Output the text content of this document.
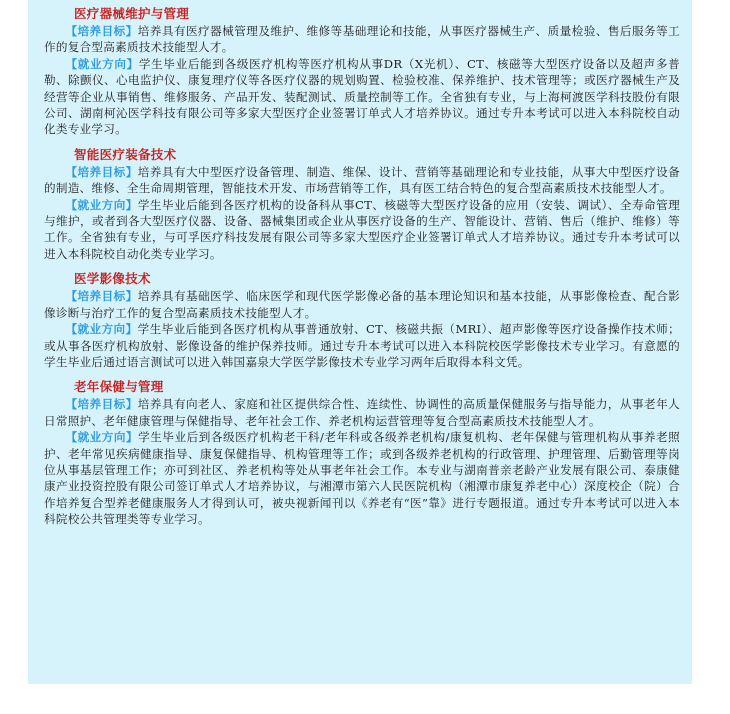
医疗器械维护与管理

【培养目标】培养具有医疗器械管理及维护、维修等基础理论和技能，从事医疗器械生产、质量检验、售后服务等工作的复合型高素质技术技能型人才。

【就业方向】学生毕业后能到各级医疗机构等医疗机构从事DR（X光机）、CT、核磁等大型医疗设备以及超声多普勒、除颤仪、心电监护仪、康复理疗仪等各医疗仪器的规划购置、检验校准、保养维护、技术管理等；或医疗器械生产及经营等企业从事销售、维修服务、产品开发、装配测试、质量控制等工作。全省独有专业，与上海柯渡医学科技股份有限公司、湖南柯沁医学科技有限公司等多家大型医疗企业签署订单式人才培养协议。通过专升本考试可以进入本科院校自动化类专业学习。

智能医疗装备技术

【培养目标】培养具有大中型医疗设备管理、制造、维保、设计、营销等基础理论和专业技能，从事大中型医疗设备的制造、维修、全生命周期管理，智能技术开发、市场营销等工作，具有医工结合特色的复合型高素质技术技能型人才。

【就业方向】学生毕业后能到各医疗机构的设备科从事CT、核磁等大型医疗设备的应用（安装、调试）、全寿命管理与维护，或者到各大型医疗仪器、设备、器械集团或企业从事医疗设备的生产、智能设计、营销、售后（维护、维修）等工作。全省独有专业，与可孚医疗科技发展有限公司等多家大型医疗企业签署订单式人才培养协议。通过专升本考试可以进入本科院校自动化类专业学习。

医学影像技术

【培养目标】培养具有基础医学、临床医学和现代医学影像必备的基本理论知识和基本技能，从事影像检查、配合影像诊断与治疗工作的复合型高素质技术技能型人才。

【就业方向】学生毕业后能到各医疗机构从事普通放射、CT、核磁共振（MRI）、超声影像等医疗设备操作技术师；或从事各医疗机构放射、影像设备的维护保养技师。通过专升本考试可以进入本科院校医学影像技术专业学习。有意愿的学生毕业后通过语言测试可以进入韩国嘉泉大学医学影像技术专业学习两年后取得本科文凭。

老年保健与管理

【培养目标】培养具有向老人、家庭和社区提供综合性、连续性、协调性的高质量保健服务与指导能力，从事老年人日常照护、老年健康管理与保健指导、老年社会工作、养老机构运营管理等复合型高素质技术技能型人才。

【就业方向】学生毕业后到各级医疗机构老干科/老年科或各级养老机构/康复机构、老年保健与管理机构从事养老照护、老年常见疾病健康指导、康复保健指导、机构管理等工作；或到各级养老机构的行政管理、护理管理、后勤管理等岗位从事基层管理工作；亦可到社区、养老机构等处从事老年社会工作。本专业与湖南普亲老龄产业发展有限公司、泰康健康产业投资控股有限公司签订单式人才培养协议，与湘潭市第六人民医院机构（湘潭市康复养老中心）深度校企（院）合作培养复合型养老健康服务人才得到认可，被央视新闻刊以《养老有“医”靠》进行专题报道。通过专升本考试可以进入本科院校公共管理类等专业学习。
